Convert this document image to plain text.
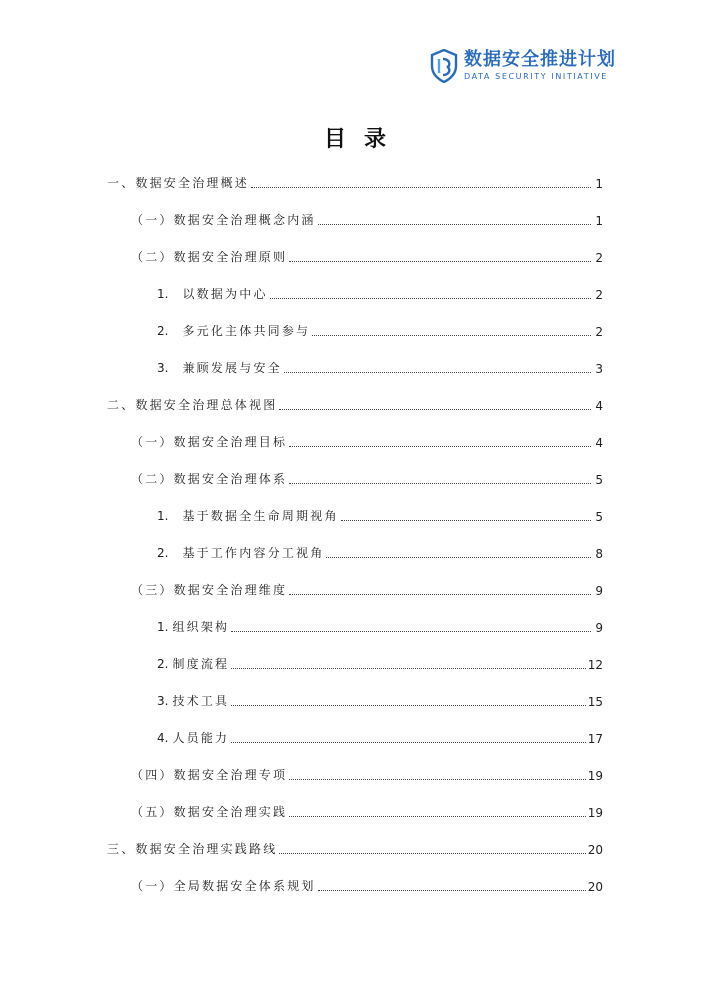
数据安全推进计划
DATA SECURITY INITIATIVE
目录
一、数据安全治理概述	1
（一）数据安全治理概念内涵	1
（二）数据安全治理原则	2
1. 以数据为中心	2
2. 多元化主体共同参与	2
3. 兼顾发展与安全	3
二、数据安全治理总体视图	4
（一）数据安全治理目标	4
（二）数据安全治理体系	5
1. 基于数据全生命周期视角	5
2. 基于工作内容分工视角	8
（三）数据安全治理维度	9
1. 组织架构	9
2. 制度流程	12
3. 技术工具	15
4. 人员能力	17
（四）数据安全治理专项	19
（五）数据安全治理实践	19
三、数据安全治理实践路线	20
（一）全局数据安全体系规划	20
